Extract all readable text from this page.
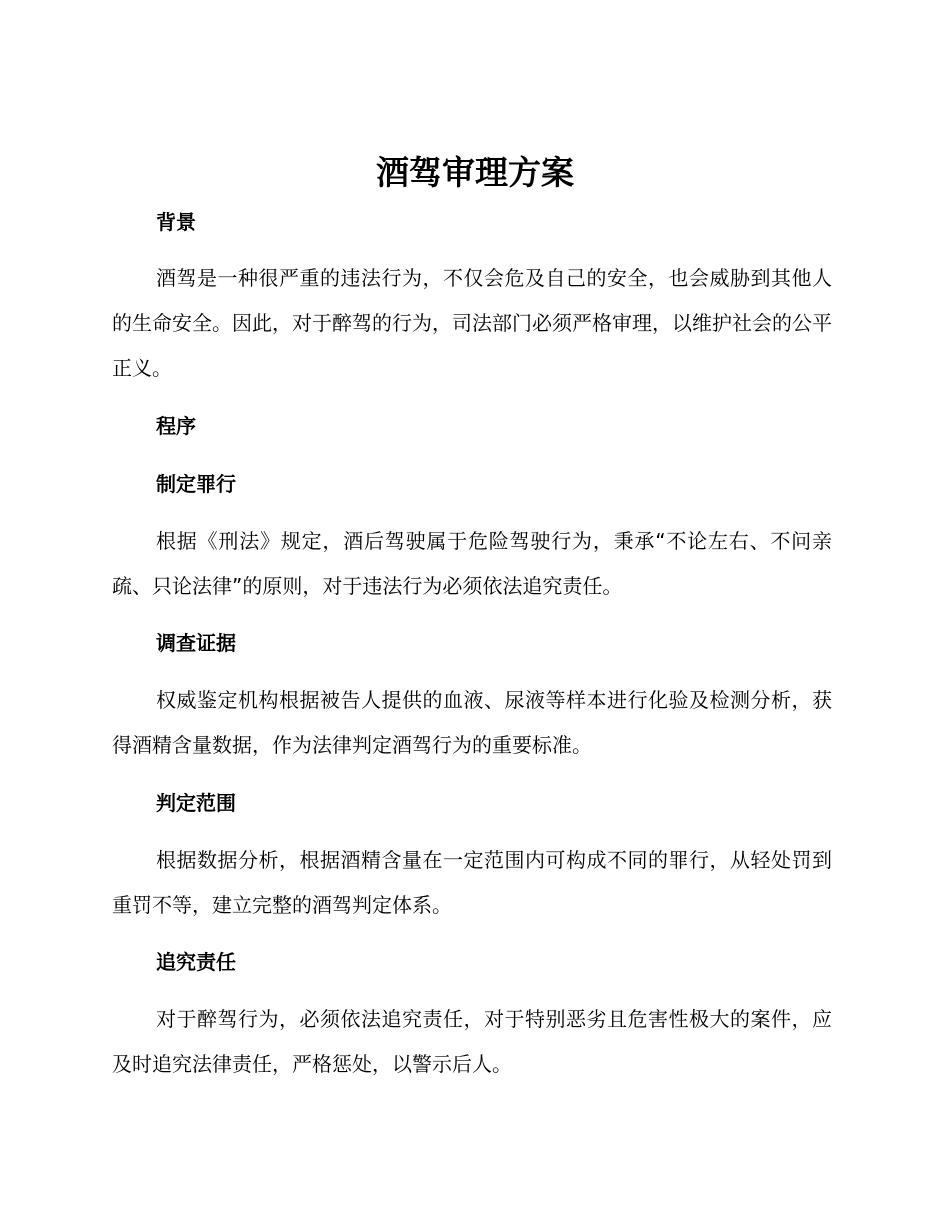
酒驾审理方案
背景

酒驾是一种很严重的违法行为，不仅会危及自己的安全，也会威胁到其他人的生命安全。因此，对于醉驾的行为，司法部门必须严格审理，以维护社会的公平正义。

程序
制定罪行

根据《刑法》规定，酒后驾驶属于危险驾驶行为，秉承“不论左右、不问亲疏、只论法律”的原则，对于违法行为必须依法追究责任。

调查证据

权威鉴定机构根据被告人提供的血液、尿液等样本进行化验及检测分析，获得酒精含量数据，作为法律判定酒驾行为的重要标准。

判定范围

根据数据分析，根据酒精含量在一定范围内可构成不同的罪行，从轻处罚到重罚不等，建立完整的酒驾判定体系。

追究责任

对于醉驾行为，必须依法追究责任，对于特别恶劣且危害性极大的案件，应及时追究法律责任，严格惩处，以警示后人。
